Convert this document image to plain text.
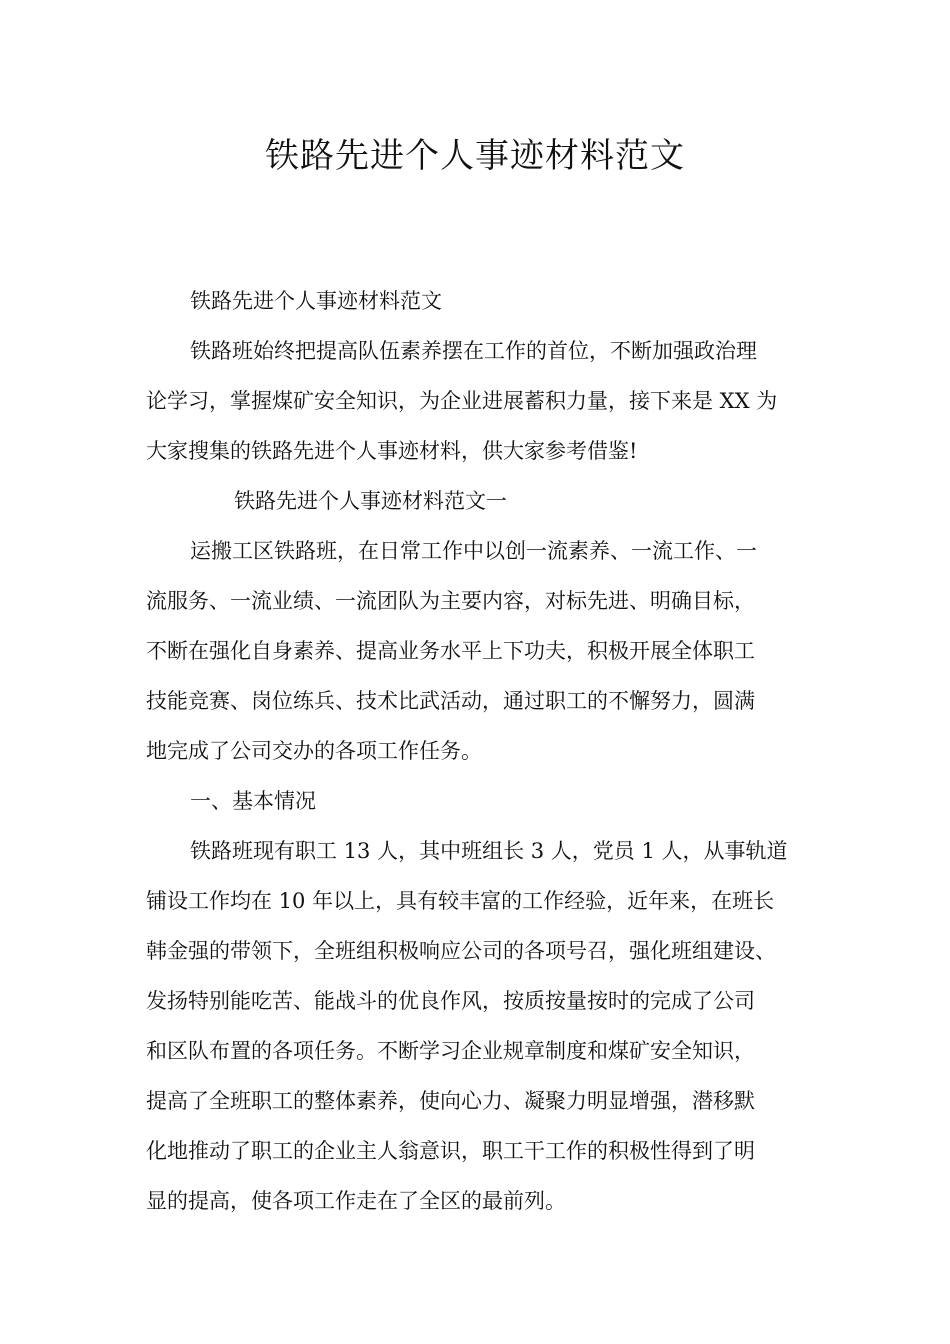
铁路先进个人事迹材料范文

铁路先进个人事迹材料范文

铁路班始终把提高队伍素养摆在工作的首位，不断加强政治理

论学习，掌握煤矿安全知识，为企业进展蓄积力量，接下来是 XX 为

大家搜集的铁路先进个人事迹材料，供大家参考借鉴!

铁路先进个人事迹材料范文一

运搬工区铁路班，在日常工作中以创一流素养、一流工作、一

流服务、一流业绩、一流团队为主要内容，对标先进、明确目标，

不断在强化自身素养、提高业务水平上下功夫，积极开展全体职工

技能竞赛、岗位练兵、技术比武活动，通过职工的不懈努力，圆满

地完成了公司交办的各项工作任务。

一、基本情况

铁路班现有职工 13 人，其中班组长 3 人，党员 1 人，从事轨道

铺设工作均在 10 年以上，具有较丰富的工作经验，近年来，在班长

韩金强的带领下，全班组积极响应公司的各项号召，强化班组建设、

发扬特别能吃苦、能战斗的优良作风，按质按量按时的完成了公司

和区队布置的各项任务。不断学习企业规章制度和煤矿安全知识，

提高了全班职工的整体素养，使向心力、凝聚力明显增强，潜移默

化地推动了职工的企业主人翁意识，职工干工作的积极性得到了明

显的提高，使各项工作走在了全区的最前列。
